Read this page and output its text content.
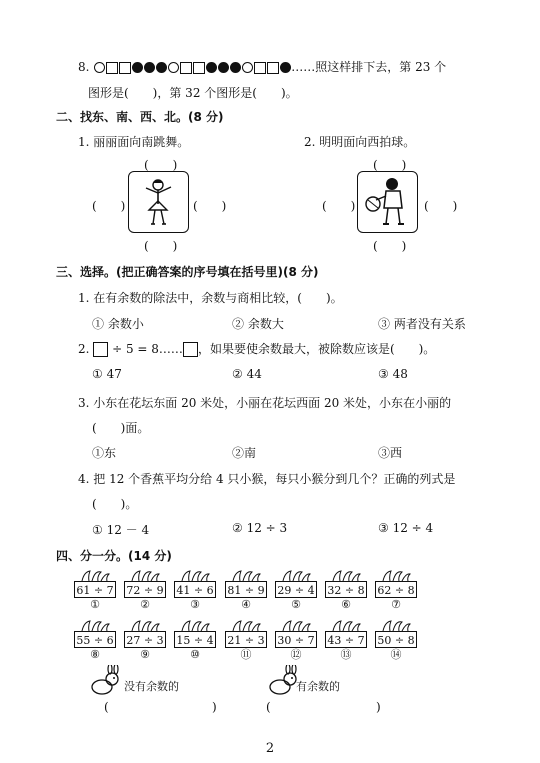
8.	……照这样排下去，第 23 个
图形是(　　)，第 32 个图形是(　　)。
二、找东、南、西、北。(8 分)
1. 丽丽面向南跳舞。	2. 明明面向西拍球。
(　　)
(　　)	(　　)
(　　)
(　　)
(　　)	(　　)
(　　)
三、选择。(把正确答案的序号填在括号里)(8 分)
1. 在有余数的除法中，余数与商相比较，(　　)。
① 余数小	② 余数大	③ 两者没有关系
2. ÷ 5 = 8…… ，如果要使余数最大，被除数应该是(　　)。
① 47	② 44	③ 48
3. 小东在花坛东面 20 米处，小丽在花坛西面 20 米处，小东在小丽的
(　　)面。
①东	②南	③西
4. 把 12 个香蕉平均分给 4 只小猴，每只小猴分到几个？正确的列式是
(　　)。
① 12 － 4	② 12 ÷ 3	③ 12 ÷ 4
四、分一分。(14 分)
61 ÷ 7
①
72 ÷ 9
②
41 ÷ 6
③
81 ÷ 9
④
29 ÷ 4
⑤
32 ÷ 8
⑥
62 ÷ 8
⑦
55 ÷ 6
⑧
27 ÷ 3
⑨
15 ÷ 4
⑩
21 ÷ 3
⑪
30 ÷ 7
⑫
43 ÷ 7
⑬
50 ÷ 8
⑭
没有余数的
(	)
有余数的
(	)
2
